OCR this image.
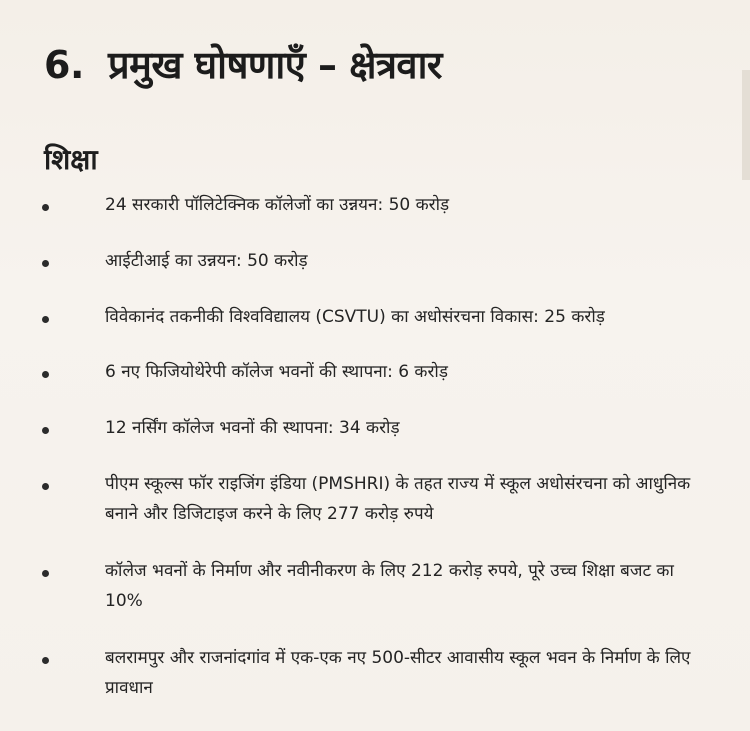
6. प्रमुख घोषणाएँ – क्षेत्रवार
शिक्षा
24 सरकारी पॉलिटेक्निक कॉलेजों का उन्नयन: 50 करोड़
आईटीआई का उन्नयन: 50 करोड़
विवेकानंद तकनीकी विश्वविद्यालय (CSVTU) का अधोसंरचना विकास: 25 करोड़
6 नए फिजियोथेरेपी कॉलेज भवनों की स्थापना: 6 करोड़
12 नर्सिंग कॉलेज भवनों की स्थापना: 34 करोड़
पीएम स्कूल्स फॉर राइजिंग इंडिया (PMSHRI) के तहत राज्य में स्कूल अधोसंरचना को आधुनिक बनाने और डिजिटाइज करने के लिए 277 करोड़ रुपये
कॉलेज भवनों के निर्माण और नवीनीकरण के लिए 212 करोड़ रुपये, पूरे उच्च शिक्षा बजट का 10%
बलरामपुर और राजनांदगांव में एक-एक नए 500-सीटर आवासीय स्कूल भवन के निर्माण के लिए प्रावधान
